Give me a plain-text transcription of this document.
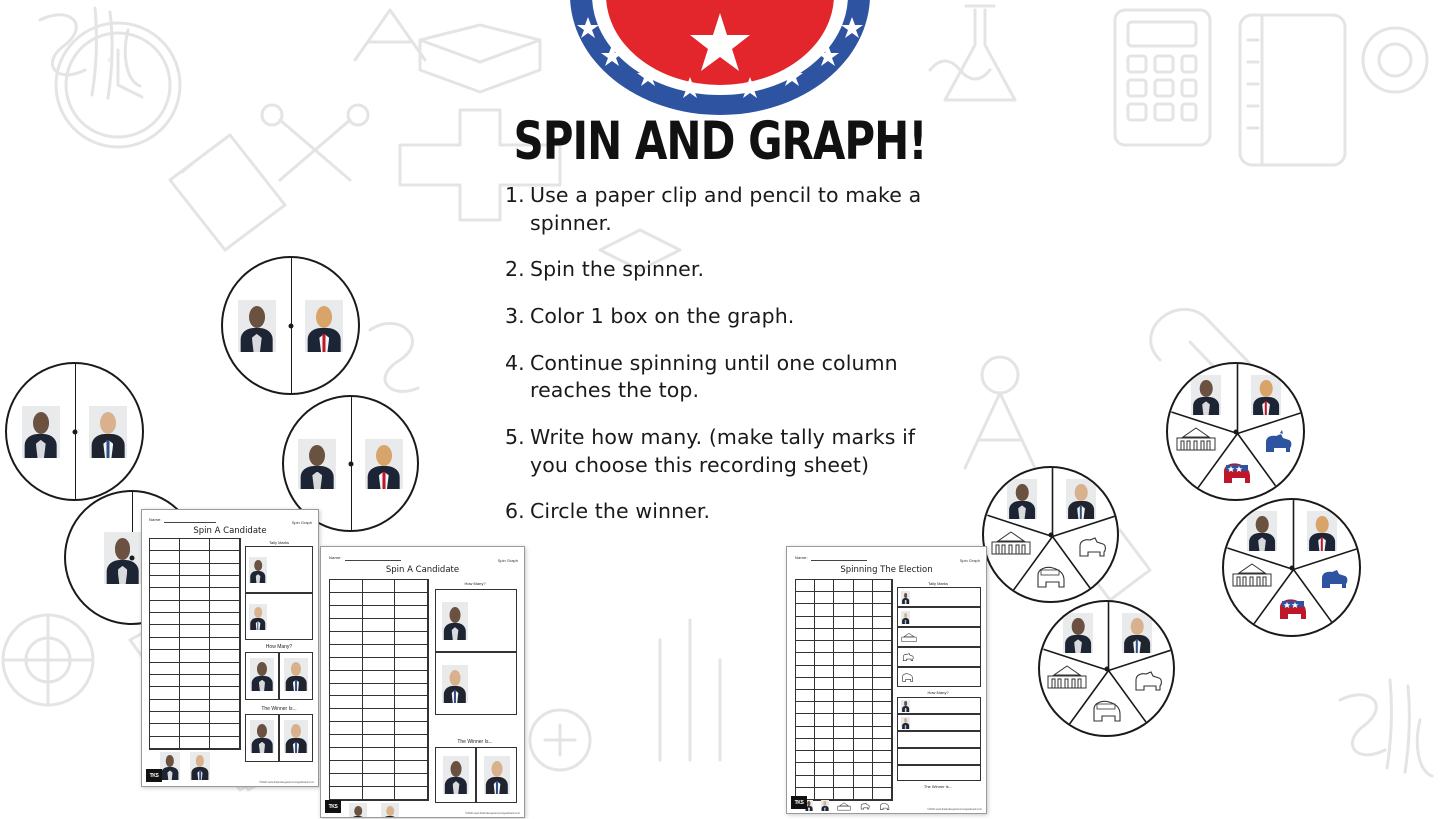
SPIN AND GRAPH!
1. Use a paper clip and pencil to make a spinner.
2. Spin the spinner.
3. Color 1 box on the graph.
4. Continue spinning until one column reaches the top.
5. Write how many. (make tally marks if you choose this recording sheet)
6. Circle the winner.
Name:
Spin A Candidate
Spin Graph
Tally Marks
How Many?
The Winner Is...
TKS
©2020 www.thekindergartensmorgasboard.com
Name:
Spin A Candidate
Spin Graph
How Many?
The Winner Is...
TKS
©2020 www.thekindergartensmorgasboard.com
Name:
Spinning The Election
Spin Graph
Tally Marks
How Many?
The Winner Is...
TKS
©2020 www.thekindergartensmorgasboard.com
